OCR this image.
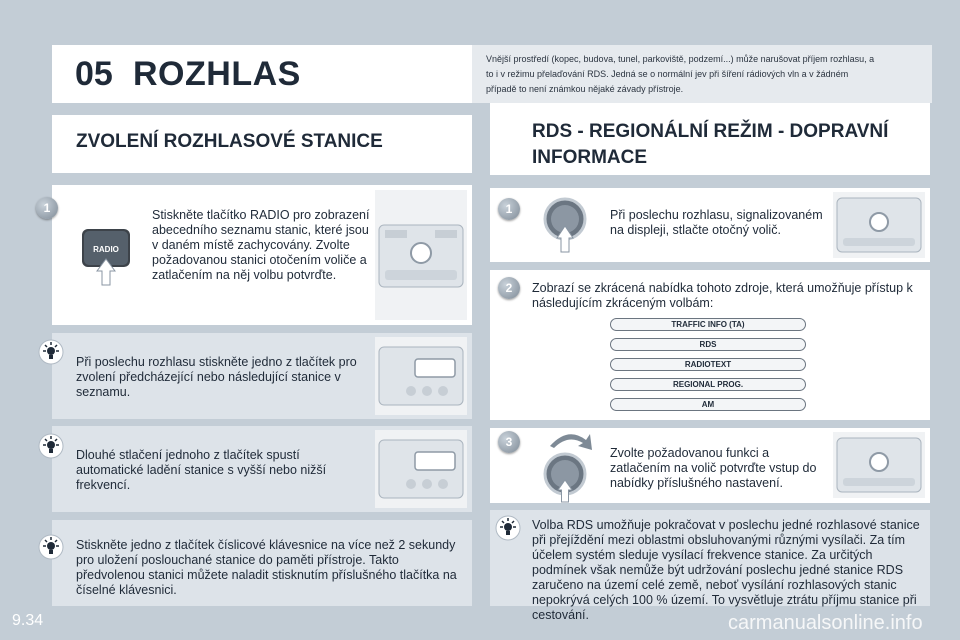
05 ROZHLAS	Vnější prostředí (kopec, budova, tunel, parkoviště, podzemí...) může narušovat příjem rozhlasu, a to i v režimu přelaďování RDS. Jedná se o normální jev při šíření rádiových vln a v žádném případě to není známkou nějaké závady přístroje.
ZVOLENÍ ROZHLASOVÉ STANICE	RDS - REGIONÁLNÍ REŽIM - DOPRAVNÍ INFORMACE
1
RADIO
Stiskněte tlačítko RADIO pro zobrazení abecedního seznamu stanic, které jsou v daném místě zachycovány. Zvolte požadovanou stanici otočením voliče a zatlačením na něj volbu potvrďte.
Při poslechu rozhlasu stiskněte jedno z tlačítek pro zvolení předcházející nebo následující stanice v seznamu.
Dlouhé stlačení jednoho z tlačítek spustí automatické ladění stanice s vyšší nebo nižší frekvencí.
Stiskněte jedno z tlačítek číslicové klávesnice na více než 2 sekundy pro uložení poslouchané stanice do paměti přístroje. Takto předvolenou stanici můžete naladit stisknutím příslušného tlačítka na číselné klávesnici.
1	Při poslechu rozhlasu, signalizovaném na displeji, stlačte otočný volič.
2	Zobrazí se zkrácená nabídka tohoto zdroje, která umožňuje přístup k následujícím zkráceným volbám:
TRAFFIC INFO (TA)
RDS
RADIOTEXT
REGIONAL PROG.
AM
3
Zvolte požadovanou funkci a zatlačením na volič potvrďte vstup do nabídky příslušného nastavení.
Volba RDS umožňuje pokračovat v poslechu jedné rozhlasové stanice při přejíždění mezi oblastmi obsluhovanými různými vysílači. Za tím účelem systém sleduje vysílací frekvence stanice. Za určitých podmínek však nemůže být udržování poslechu jedné stanice RDS zaručeno na území celé země, neboť vysílání rozhlasových stanic nepokrývá celých 100 % území. To vysvětluje ztrátu příjmu stanice při cestování.
9.34	carmanualsonline.info
